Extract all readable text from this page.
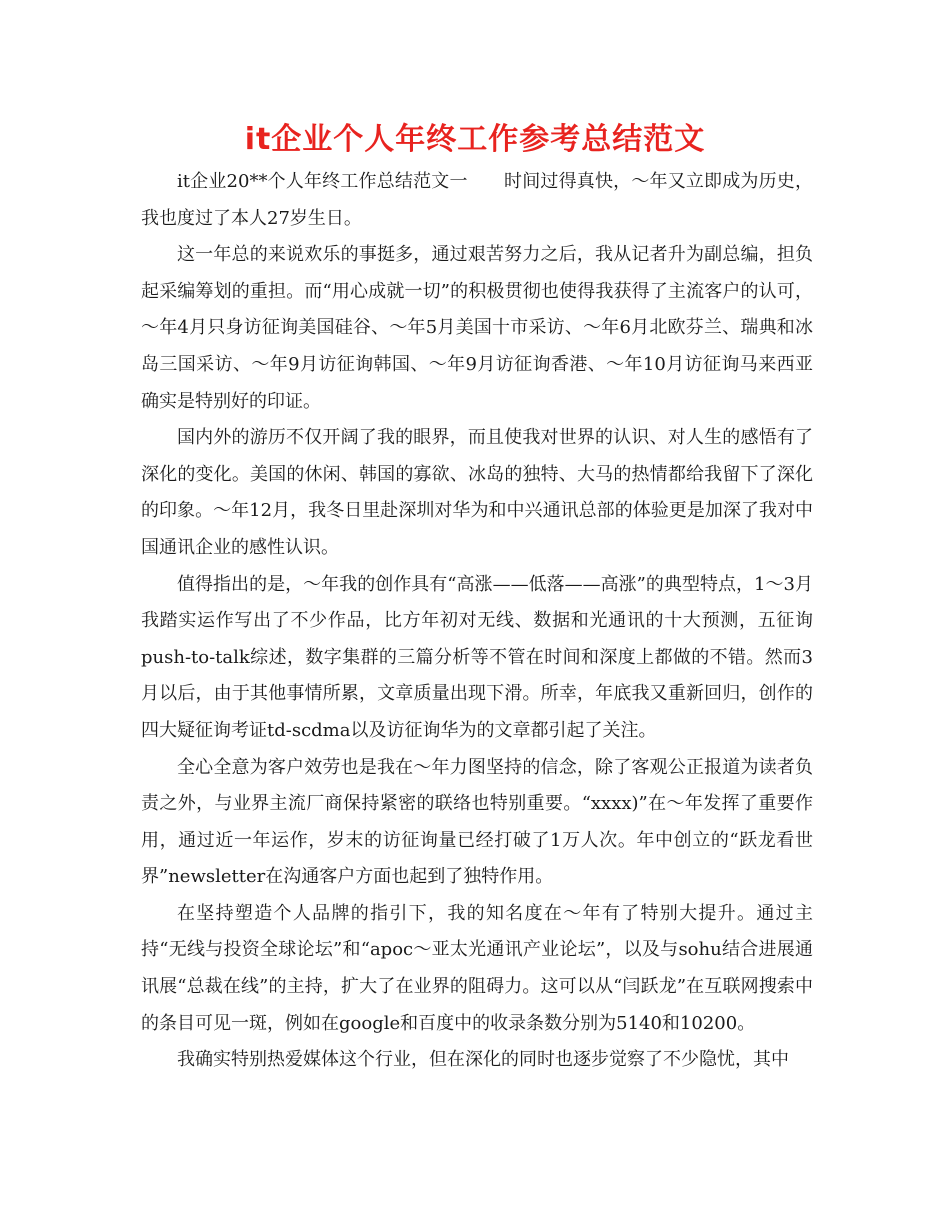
it企业个人年终工作参考总结范文

it企业20**个人年终工作总结范文一　　时间过得真快，～年又立即成为历史，我也度过了本人27岁生日。

这一年总的来说欢乐的事挺多，通过艰苦努力之后，我从记者升为副总编，担负起采编筹划的重担。而“用心成就一切”的积极贯彻也使得我获得了主流客户的认可，～年4月只身访征询美国硅谷、～年5月美国十市采访、～年6月北欧芬兰、瑞典和冰岛三国采访、～年9月访征询韩国、～年9月访征询香港、～年10月访征询马来西亚确实是特别好的印证。

国内外的游历不仅开阔了我的眼界，而且使我对世界的认识、对人生的感悟有了深化的变化。美国的休闲、韩国的寡欲、冰岛的独特、大马的热情都给我留下了深化的印象。～年12月，我冬日里赴深圳对华为和中兴通讯总部的体验更是加深了我对中国通讯企业的感性认识。

值得指出的是，～年我的创作具有“高涨——低落——高涨”的典型特点，1～3月我踏实运作写出了不少作品，比方年初对无线、数据和光通讯的十大预测，五征询push-to-talk综述，数字集群的三篇分析等不管在时间和深度上都做的不错。然而3月以后，由于其他事情所累，文章质量出现下滑。所幸，年底我又重新回归，创作的四大疑征询考证td-scdma以及访征询华为的文章都引起了关注。

全心全意为客户效劳也是我在～年力图坚持的信念，除了客观公正报道为读者负责之外，与业界主流厂商保持紧密的联络也特别重要。“xxxx)”在～年发挥了重要作用，通过近一年运作，岁末的访征询量已经打破了1万人次。年中创立的“跃龙看世界”newsletter在沟通客户方面也起到了独特作用。

在坚持塑造个人品牌的指引下，我的知名度在～年有了特别大提升。通过主持“无线与投资全球论坛”和“apoc～亚太光通讯产业论坛”，以及与sohu结合进展通讯展“总裁在线”的主持，扩大了在业界的阻碍力。这可以从“闫跃龙”在互联网搜索中的条目可见一斑，例如在google和百度中的收录条数分别为5140和10200。

我确实特别热爱媒体这个行业，但在深化的同时也逐步觉察了不少隐忧，其中
